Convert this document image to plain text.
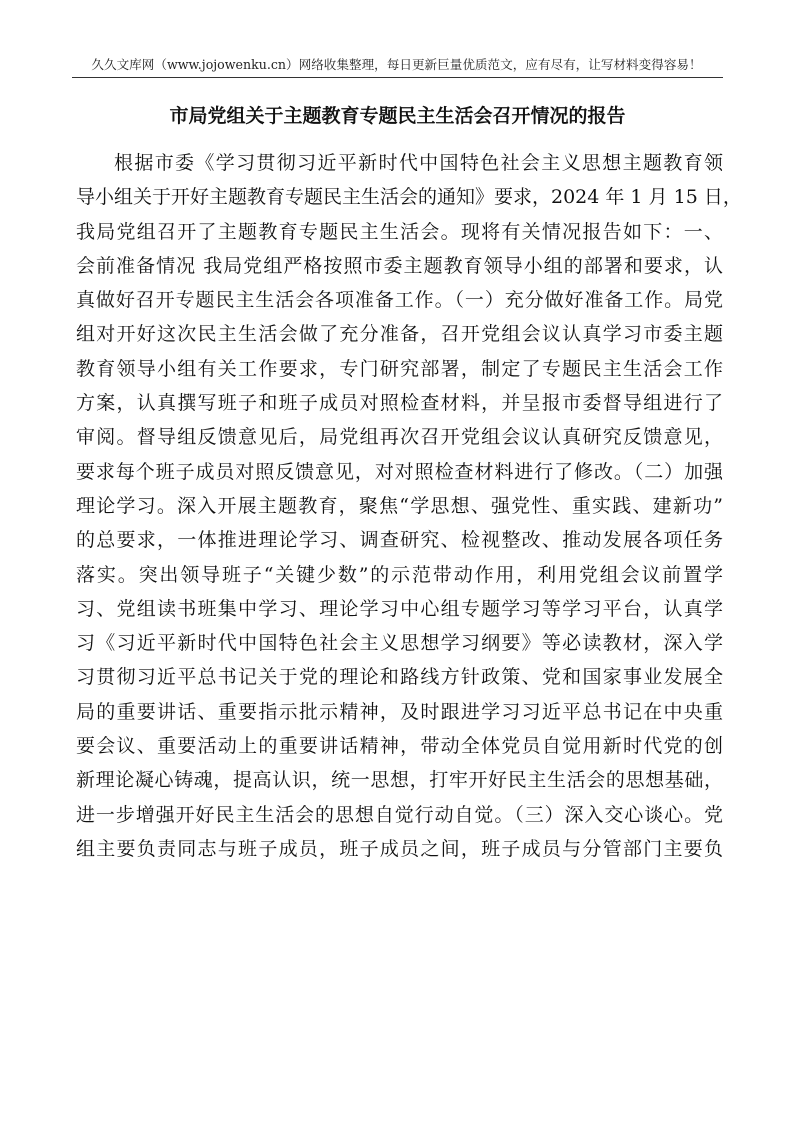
久久文库网（www.jojowenku.cn）网络收集整理，每日更新巨量优质范文，应有尽有，让写材料变得容易！
市局党组关于主题教育专题民主生活会召开情况的报告
根据市委《学习贯彻习近平新时代中国特色社会主义思想主题教育领
导小组关于开好主题教育专题民主生活会的通知》要求，2024 年 1 月 15 日，
我局党组召开了主题教育专题民主生活会。现将有关情况报告如下：一、
会前准备情况 我局党组严格按照市委主题教育领导小组的部署和要求，认
真做好召开专题民主生活会各项准备工作。（一）充分做好准备工作。局党
组对开好这次民主生活会做了充分准备，召开党组会议认真学习市委主题
教育领导小组有关工作要求，专门研究部署，制定了专题民主生活会工作
方案，认真撰写班子和班子成员对照检查材料，并呈报市委督导组进行了
审阅。督导组反馈意见后，局党组再次召开党组会议认真研究反馈意见，
要求每个班子成员对照反馈意见，对对照检查材料进行了修改。（二）加强
理论学习。深入开展主题教育，聚焦“学思想、强党性、重实践、建新功”
的总要求，一体推进理论学习、调查研究、检视整改、推动发展各项任务
落实。突出领导班子“关键少数”的示范带动作用，利用党组会议前置学
习、党组读书班集中学习、理论学习中心组专题学习等学习平台，认真学
习《习近平新时代中国特色社会主义思想学习纲要》等必读教材，深入学
习贯彻习近平总书记关于党的理论和路线方针政策、党和国家事业发展全
局的重要讲话、重要指示批示精神，及时跟进学习习近平总书记在中央重
要会议、重要活动上的重要讲话精神，带动全体党员自觉用新时代党的创
新理论凝心铸魂，提高认识，统一思想，打牢开好民主生活会的思想基础，
进一步增强开好民主生活会的思想自觉行动自觉。（三）深入交心谈心。党
组主要负责同志与班子成员，班子成员之间，班子成员与分管部门主要负
